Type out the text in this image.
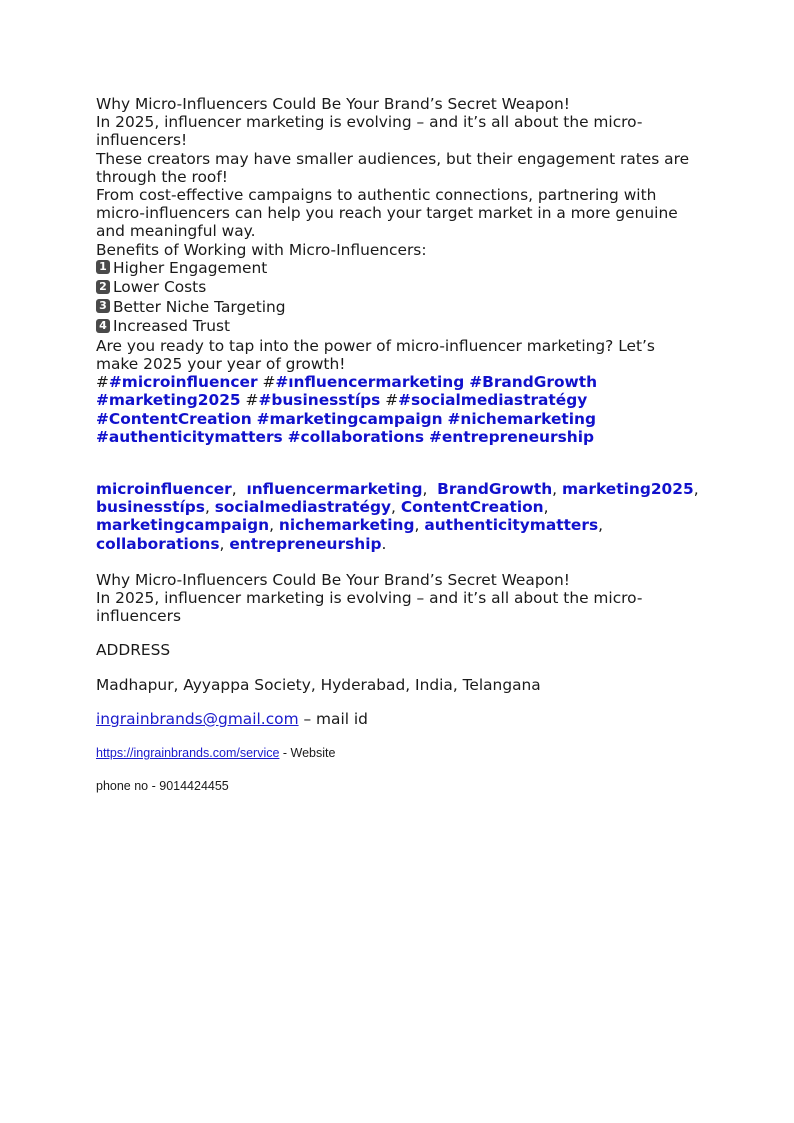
Why Micro-Influencers Could Be Your Brand’s Secret Weapon!

In 2025, influencer marketing is evolving – and it’s all about the micro-
influencers!

These creators may have smaller audiences, but their engagement rates are
through the roof!

From cost-effective campaigns to authentic connections, partnering with
micro-influencers can help you reach your target market in a more genuine
and meaningful way.

Benefits of Working with Micro-Influencers:

1 Higher Engagement
2 Lower Costs
3 Better Niche Targeting
4 Increased Trust

Are you ready to tap into the power of micro-influencer marketing? Let’s
make 2025 your year of growth!

##microinfluencer ##ınfluencermarketing #BrandGrowth
#marketing2025 ##businesstíps ##socialmediastratégy
#ContentCreation #marketingcampaign #nichemarketing
#authenticitymatters #collaborations #entrepreneurship

microinfluencer,  ınfluencermarketing,  BrandGrowth, marketing2025,
businesstíps, socialmediastratégy, ContentCreation,
marketingcampaign, nichemarketing, authenticitymatters,
collaborations, entrepreneurship.

Why Micro-Influencers Could Be Your Brand’s Secret Weapon!

In 2025, influencer marketing is evolving – and it’s all about the micro-
influencers

ADDRESS

Madhapur, Ayyappa Society, Hyderabad, India, Telangana

ingrainbrands@gmail.com – mail id

https://ingrainbrands.com/service - Website

phone no - 9014424455
